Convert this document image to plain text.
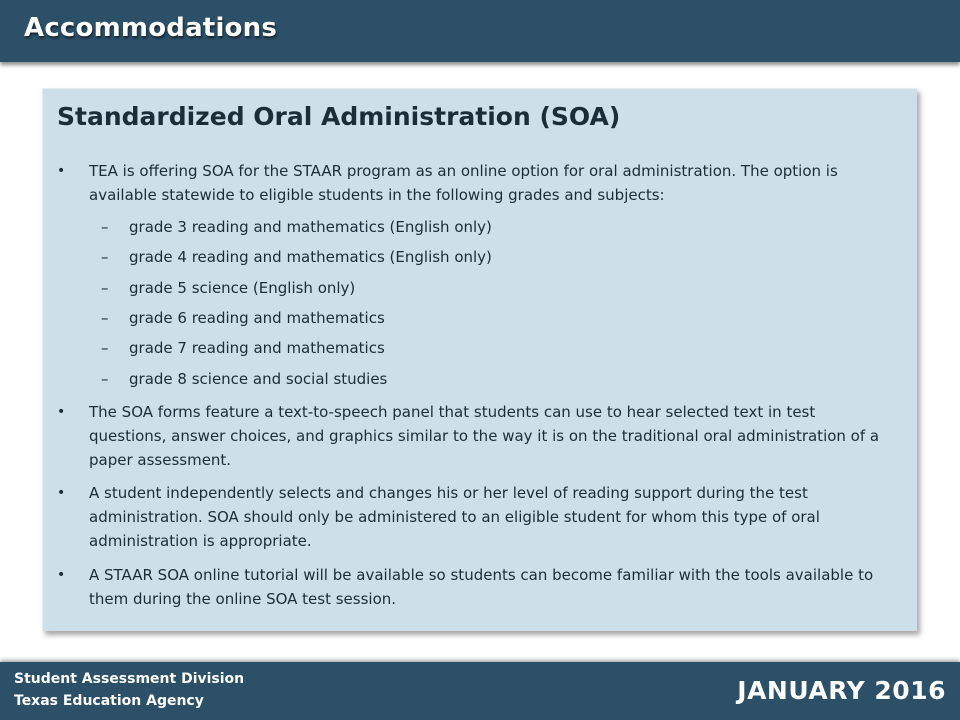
Accommodations
Standardized Oral Administration (SOA)
•	TEA is offering SOA for the STAAR program as an online option for oral administration. The option is available statewide to eligible students in the following grades and subjects:
– grade 3 reading and mathematics (English only)
– grade 4 reading and mathematics (English only)
– grade 5 science (English only)
– grade 6 reading and mathematics
– grade 7 reading and mathematics
– grade 8 science and social studies
•	The SOA forms feature a text-to-speech panel that students can use to hear selected text in test questions, answer choices, and graphics similar to the way it is on the traditional oral administration of a paper assessment.
•	A student independently selects and changes his or her level of reading support during the test administration. SOA should only be administered to an eligible student for whom this type of oral administration is appropriate.
•	A STAAR SOA online tutorial will be available so students can become familiar with the tools available to them during the online SOA test session.
Student Assessment Division
Texas Education Agency	JANUARY 2016
